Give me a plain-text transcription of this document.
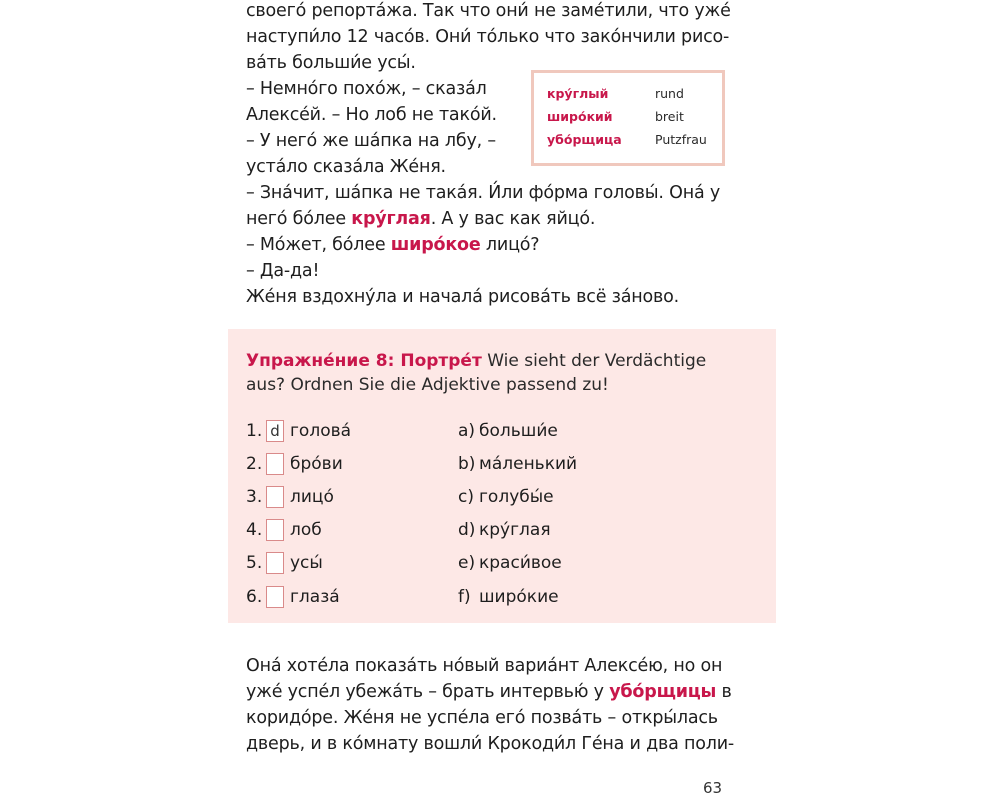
своего́ репорта́жа. Так что они́ не заме́тили, что уже́
наступи́ло 12 часо́в. Они́ то́лько что зако́нчили рисо-
ва́ть больши́е усы́.
– Немно́го похо́ж, – сказа́л
Алексе́й. – Но лоб не тако́й.
– У него́ же ша́пка на лбу, –
уста́ло сказа́ла Же́ня.
– Зна́чит, ша́пка не така́я. И́ли фо́рма головы́. Она́ у
него́ бо́лее кру́глая. А у вас как яйцо́.
– Мо́жет, бо́лее широ́кое лицо́?
– Да-да!
Же́ня вздохну́ла и начала́ рисова́ть всё за́ново.
кру́глый	rund
широ́кий	breit
убо́рщица	Putzfrau
Упражне́ние 8: Портре́т Wie sieht der Verdächtige aus? Ordnen Sie die Adjektive passend zu!
1. d голова́	a) больши́е
2. бро́ви	b) ма́ленький
3. лицо́	c) голубы́е
4. лоб	d) кру́глая
5. усы́	e) краси́вое
6. глаза́	f) широ́кие
Она́ хоте́ла показа́ть но́вый вариа́нт Алексе́ю, но он
уже́ успе́л убежа́ть – брать интервью́ у убо́рщицы в
коридо́ре. Же́ня не успе́ла его́ позва́ть – откры́лась
дверь, и в ко́мнату вошли́ Крокоди́л Ге́на и два поли-
63
